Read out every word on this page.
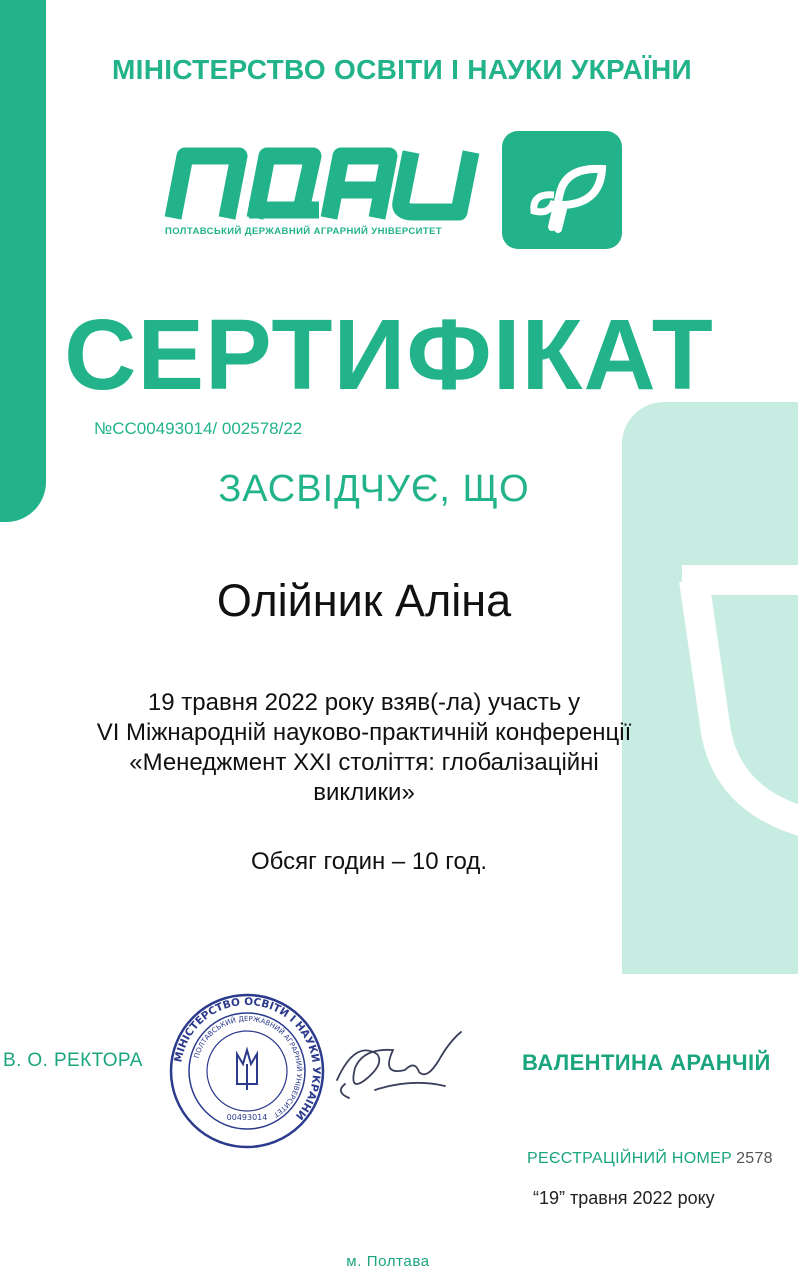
МІНІСТЕРСТВО ОСВІТИ І НАУКИ УКРАЇНИ
ПОЛТАВСЬКИЙ ДЕРЖАВНИЙ АГРАРНИЙ УНІВЕРСИТЕТ
СЕРТИФІКАТ
№СС00493014/ 002578/22
ЗАСВІДЧУЄ, ЩО
Олійник Аліна
19 травня 2022 року взяв(-ла) участь у
VI Міжнародній науково-практичній конференції
«Менеджмент XXI століття: глобалізаційні
виклики»
Обсяг годин – 10 год.
В. О. РЕКТОРА	МІНІСТЕРСТВО ОСВІТИ І НАУКИ УКРАЇНИ
ПОЛТАВСЬКИЙ ДЕРЖАВНИЙ АГРАРНИЙ УНІВЕРСИТЕТ
00493014
ВАЛЕНТИНА АРАНЧІЙ
РЕЄСТРАЦІЙНИЙ НОМЕР 2578
“19” травня 2022 року
м. Полтава
